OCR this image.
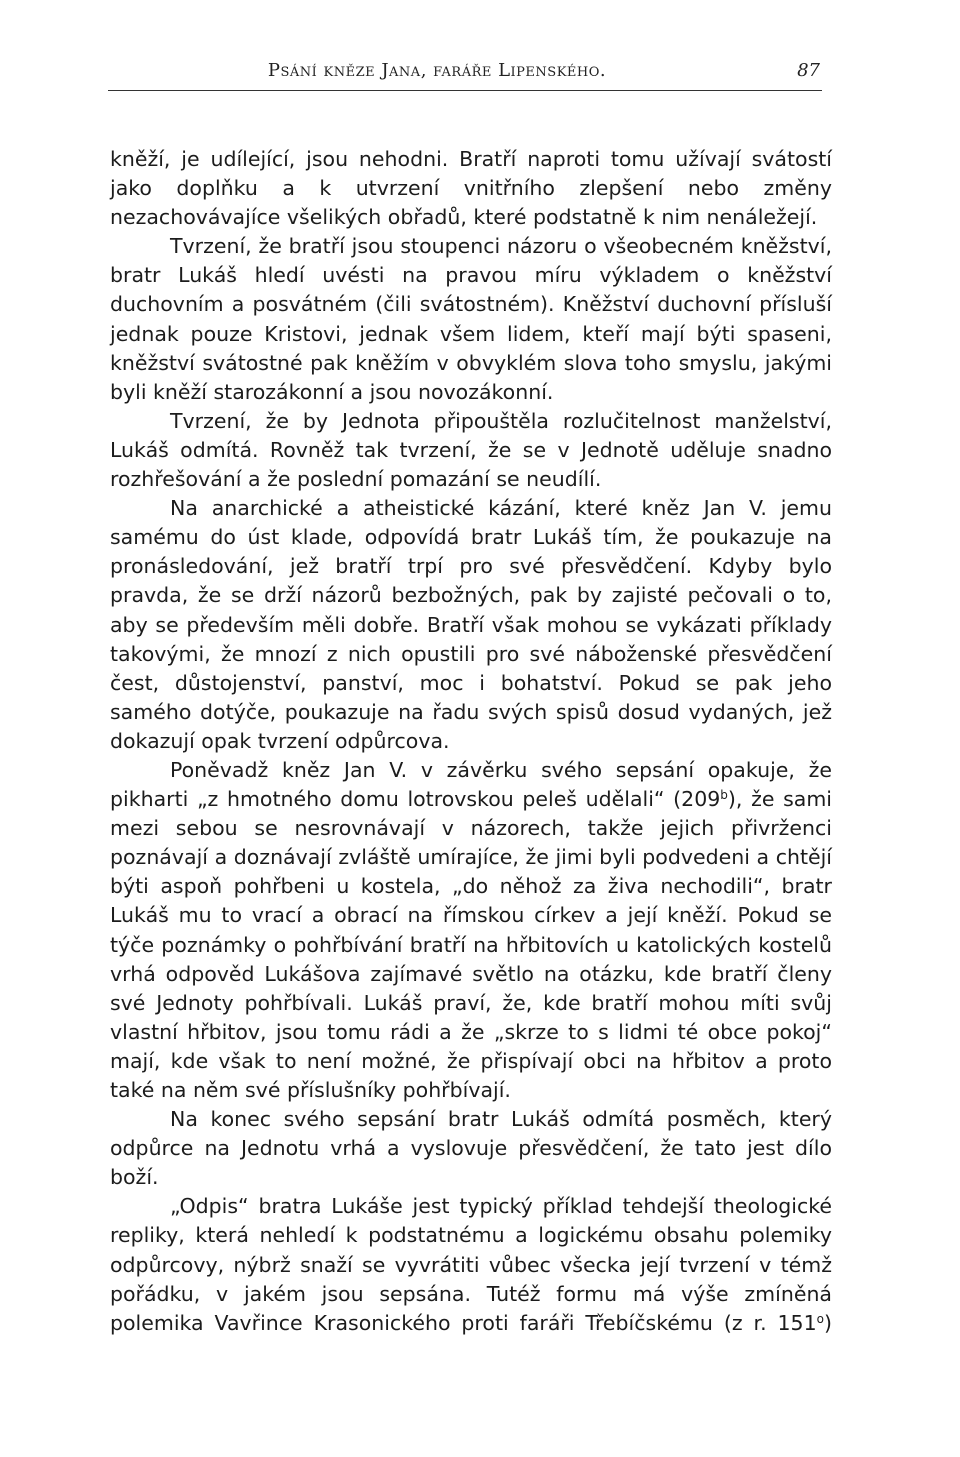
Psání kněze Jana, faráře Lipenského.	87

kněží, je udílející, jsou nehodni. Bratří naproti tomu užívají svátostí jako doplňku a k utvrzení vnitřního zlepšení nebo změny nezachovávajíce všelikých obřadů, které podstatně k nim nenáležejí.

Tvrzení, že bratří jsou stoupenci názoru o všeobecném kněžství, bratr Lukáš hledí uvésti na pravou míru výkladem o kněžství duchovním a posvátném (čili svátostném). Kněžství duchovní přísluší jednak pouze Kristovi, jednak všem lidem, kteří mají býti spaseni, kněžství svátostné pak kněžím v obvyklém slova toho smyslu, jakými byli kněží starozákonní a jsou novozákonní.

Tvrzení, že by Jednota připouštěla rozlučitelnost manželství, Lukáš odmítá. Rovněž tak tvrzení, že se v Jednotě uděluje snadno rozhřešování a že poslední pomazání se neudílí.

Na anarchické a atheistické kázání, které kněz Jan V. jemu samému do úst klade, odpovídá bratr Lukáš tím, že poukazuje na pronásledování, jež bratří trpí pro své přesvědčení. Kdyby bylo pravda, že se drží názorů bezbožných, pak by zajisté pečovali o to, aby se především měli dobře. Bratří však mohou se vykázati příklady takovými, že mnozí z nich opustili pro své náboženské přesvědčení čest, důstojenství, panství, moc i bohatství. Pokud se pak jeho samého dotýče, poukazuje na řadu svých spisů dosud vydaných, jež dokazují opak tvrzení odpůrcova.

Poněvadž kněz Jan V. v závěrku svého sepsání opakuje, že pikharti „z hmotného domu lotrovskou peleš udělali“ (209$^b$), že sami mezi sebou se nesrovnávají v názorech, takže jejich přivrženci poznávají a doznávají zvláště umírajíce, že jimi byli podvedeni a chtějí býti aspoň pohřbeni u kostela, „do něhož za živa nechodili“, bratr Lukáš mu to vrací a obrací na římskou církev a její kněží. Pokud se týče poznámky o pohřbívání bratří na hřbitovích u katolických kostelů vrhá odpověd Lukášova zajímavé světlo na otázku, kde bratří členy své Jednoty pohřbívali. Lukáš praví, že, kde bratří mohou míti svůj vlastní hřbitov, jsou tomu rádi a že „skrze to s lidmi té obce pokoj“ mají, kde však to není možné, že přispívají obci na hřbitov a proto také na něm své příslušníky pohřbívají.

Na konec svého sepsání bratr Lukáš odmítá posměch, který odpůrce na Jednotu vrhá a vyslovuje přesvědčení, že tato jest dílo boží.

„Odpis“ bratra Lukáše jest typický příklad tehdejší theologické repliky, která nehledí k podstatnému a logickému obsahu polemiky odpůrcovy, nýbrž snaží se vyvrátiti vůbec všecka její tvrzení v témž pořádku, v jakém jsou sepsána. Tutéž formu má výše zmíněná polemika Vavřince Krasonického proti faráři Třebíčskému (z r. 151$^o$)
